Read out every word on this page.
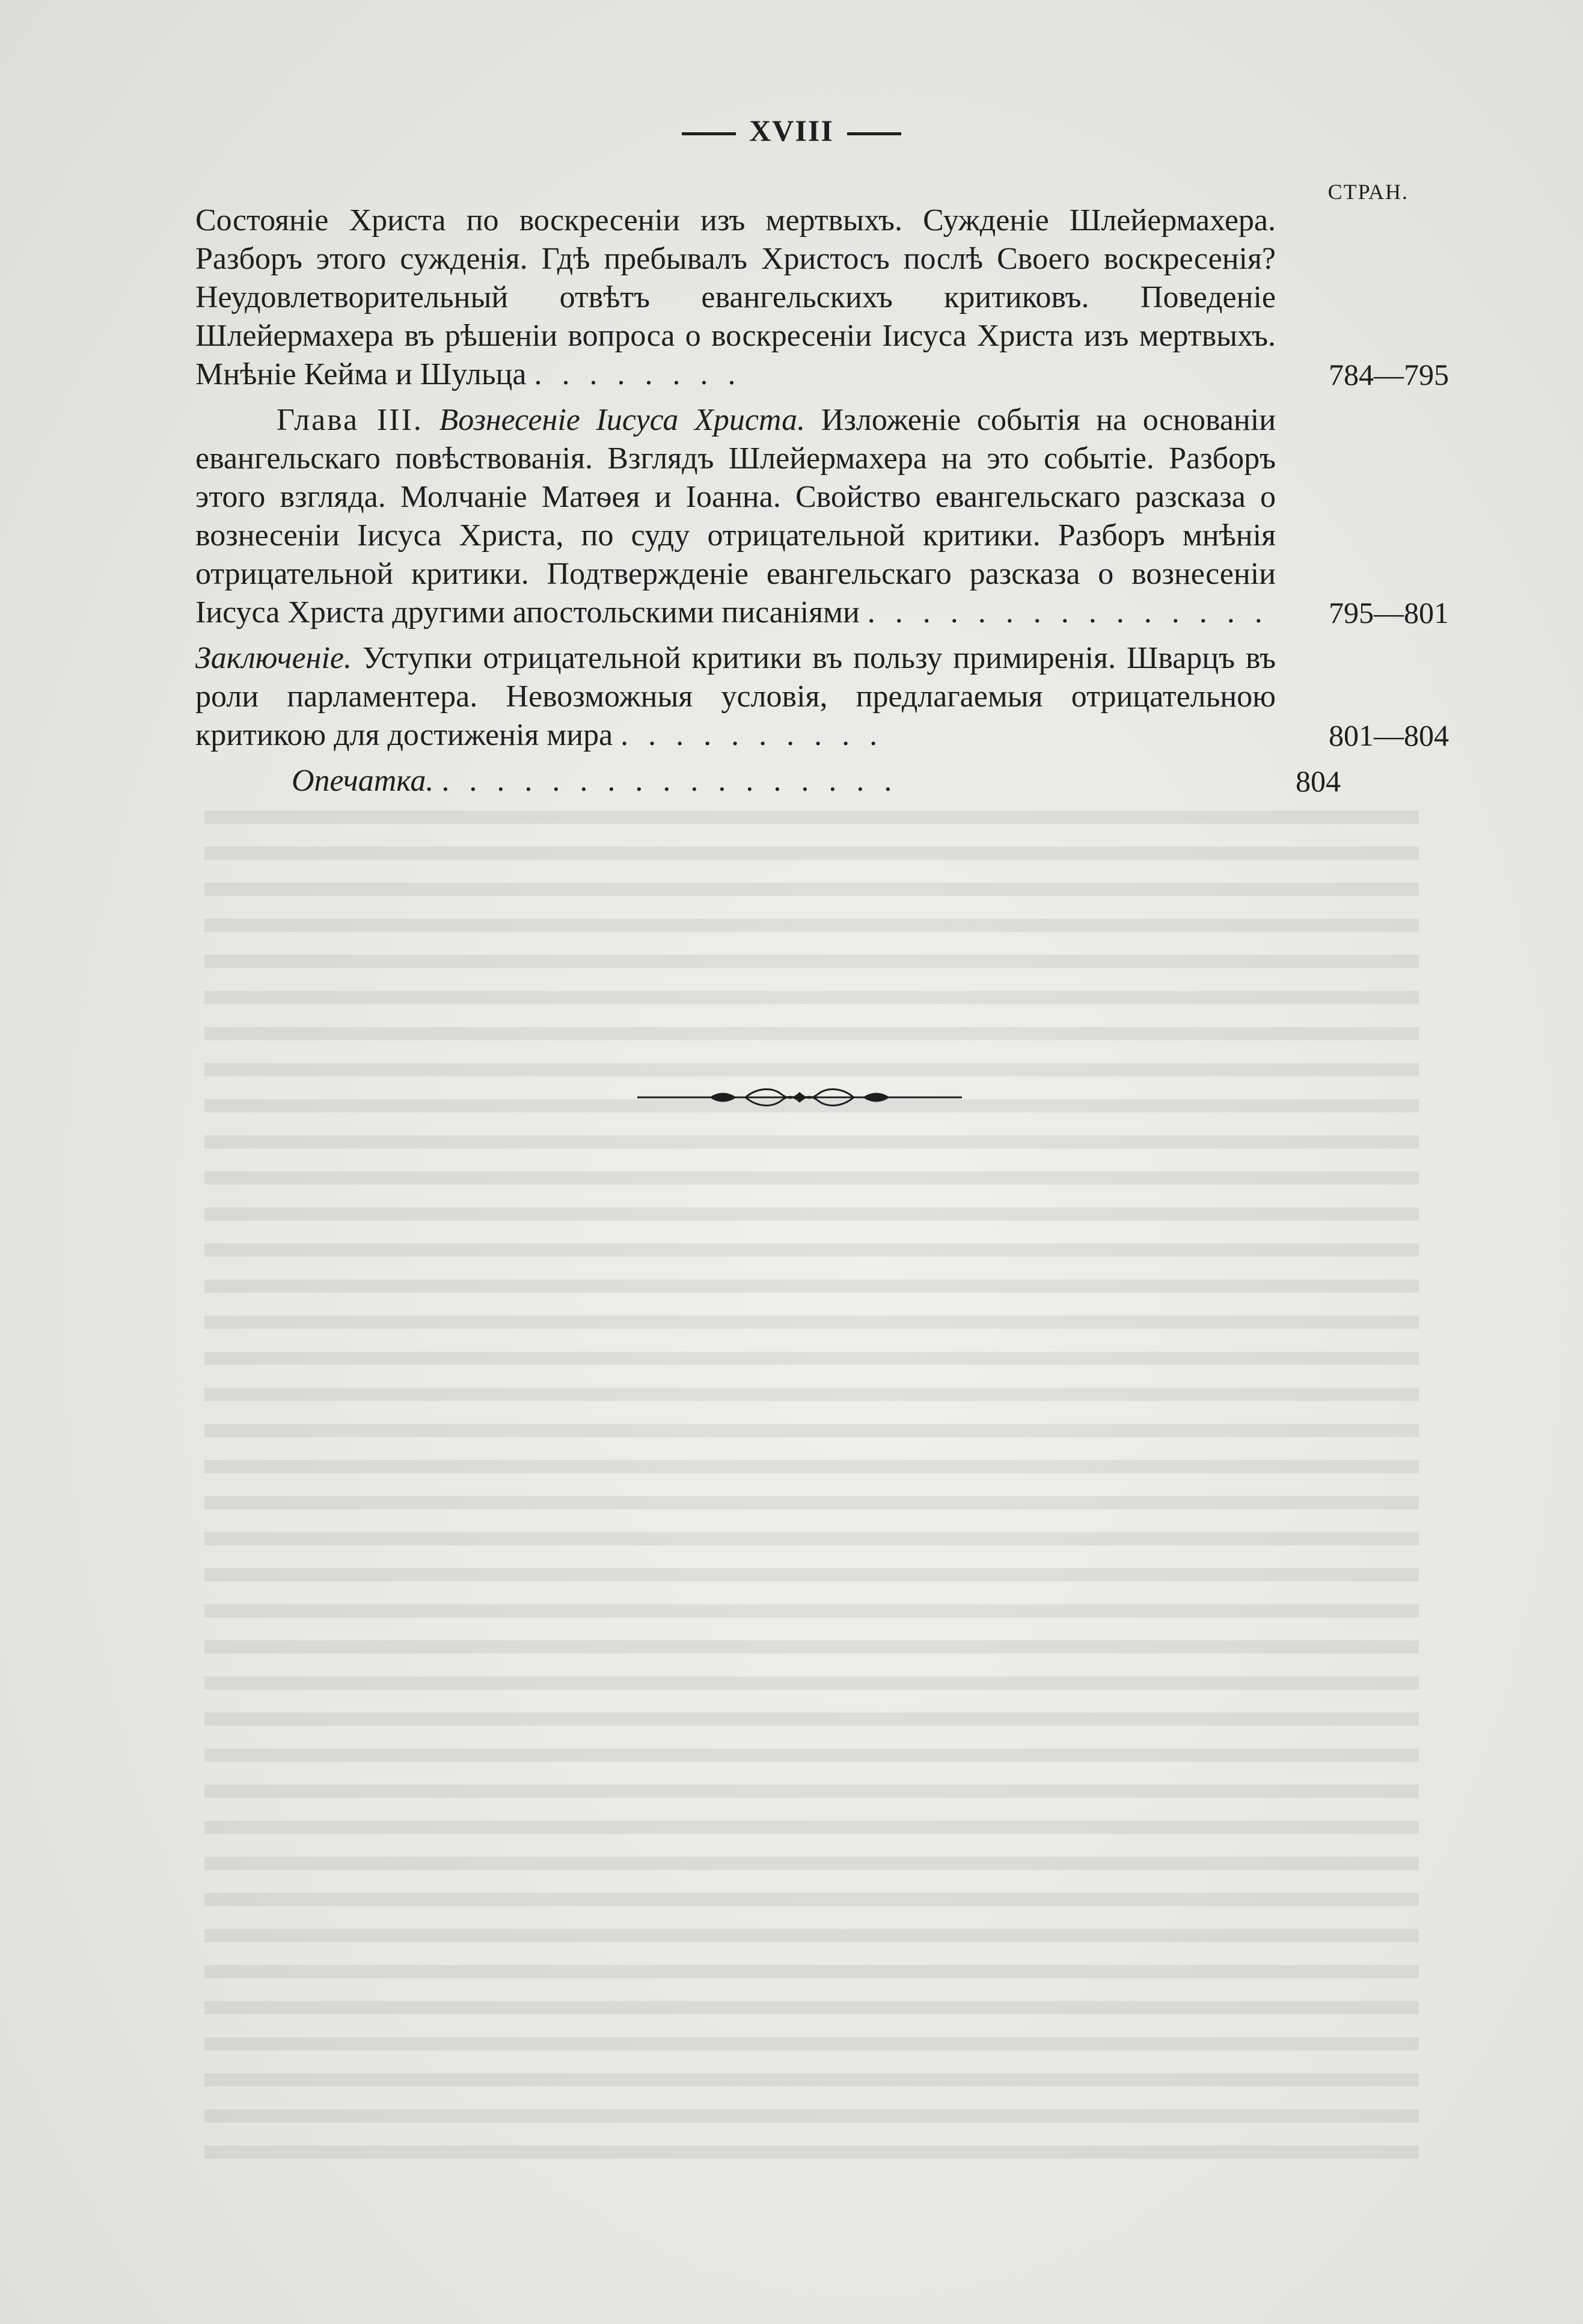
XVIII
СТРАН.
Состояніе Христа по воскресеніи изъ мертвыхъ. Сужденіе Шлейермахера. Разборъ этого сужденія. Гдѣ пребывалъ Христосъ послѣ Своего воскресенія? Неудовлетворительный отвѣтъ евангельскихъ критиковъ. Поведеніе Шлейермахера въ рѣшеніи вопроса о воскресеніи Іисуса Христа изъ мертвыхъ. Мнѣніе Кейма и Шульца . . . . . . . .	784—795
Глава III. Вознесеніе Іисуса Христа. Изложеніе событія на основаніи евангельскаго повѣствованія. Взглядъ Шлейермахера на это событіе. Разборъ этого взгляда. Молчаніе Матѳея и Іоанна. Свойство евангельскаго разсказа о вознесеніи Іисуса Христа, по суду отрицательной критики. Разборъ мнѣнія отрицательной критики. Подтвержденіе евангельскаго разсказа о вознесеніи Іисуса Христа другими апостольскими писаніями . . . . . . . . . . . . . . .	795—801
Заключеніе. Уступки отрицательной критики въ пользу примиренія. Шварцъ въ роли парламентера. Невозможныя условія, предлагаемыя отрицательною критикою для достиженія мира . . . . . . . . . .	801—804
Опечатка. . . . . . . . . . . . . . . . . .	804
